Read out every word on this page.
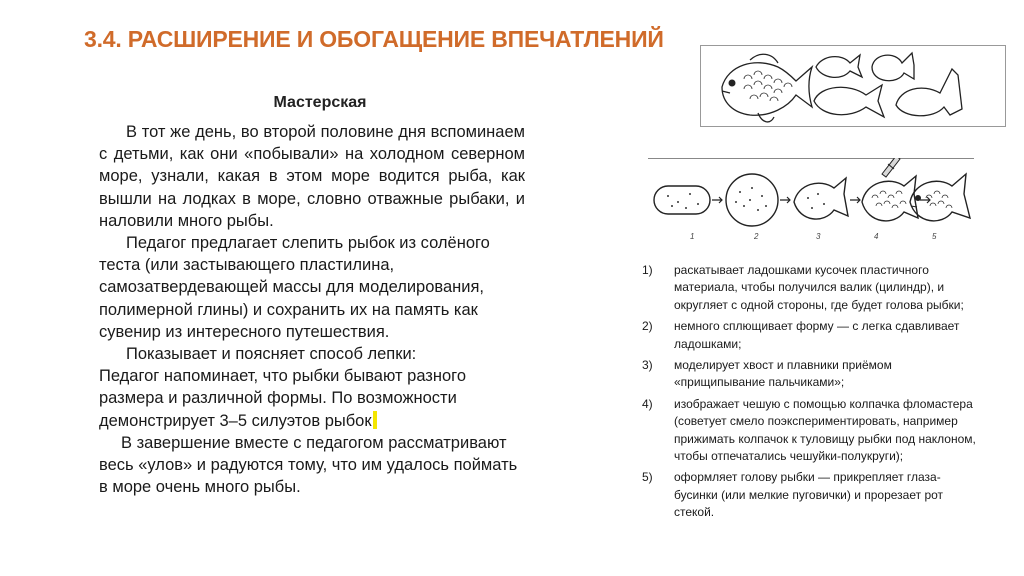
3.4. РАСШИРЕНИЕ И ОБОГАЩЕНИЕ ВПЕЧАТЛЕНИЙ
Мастерская

В тот же день, во второй половине дня вспоминаем с детьми, как они «побывали» на холодном северном море, узнали, какая в этом море водится рыба, как вышли на лодках в море, словно отважные рыбаки, и наловили много рыбы.

Педагог предлагает слепить рыбок из солёного теста (или застывающего пластилина, самозатвердевающей массы для моделирования, полимерной глины) и сохранить их на память как сувенир из интересного путешествия.

Показывает и поясняет способ лепки:

Педагог напоминает, что рыбки бывают разного размера и различной формы. По возможности демонстрирует 3–5 силуэтов рыбок

В завершение вместе с педагогом рассматривают весь «улов» и радуются тому, что им удалось поймать в море очень много рыбы.

1	2	3	4	5
1) раскатывает ладошками кусочек пластичного материала, чтобы получился валик (цилиндр), и округляет с одной стороны, где будет голова рыбки;
2) немного сплющивает форму — с легка сдавливает ладошками;
3) моделирует хвост и плавники приёмом «прищипывание пальчиками»;
4) изображает чешую с помощью колпачка фломастера (советует смело поэкспериментировать, например прижимать колпачок к туловищу рыбки под наклоном, чтобы отпечатались чешуйки-полукруги);
5) оформляет голову рыбки — прикрепляет глаза-бусинки (или мелкие пуговички) и прорезает рот стекой.
